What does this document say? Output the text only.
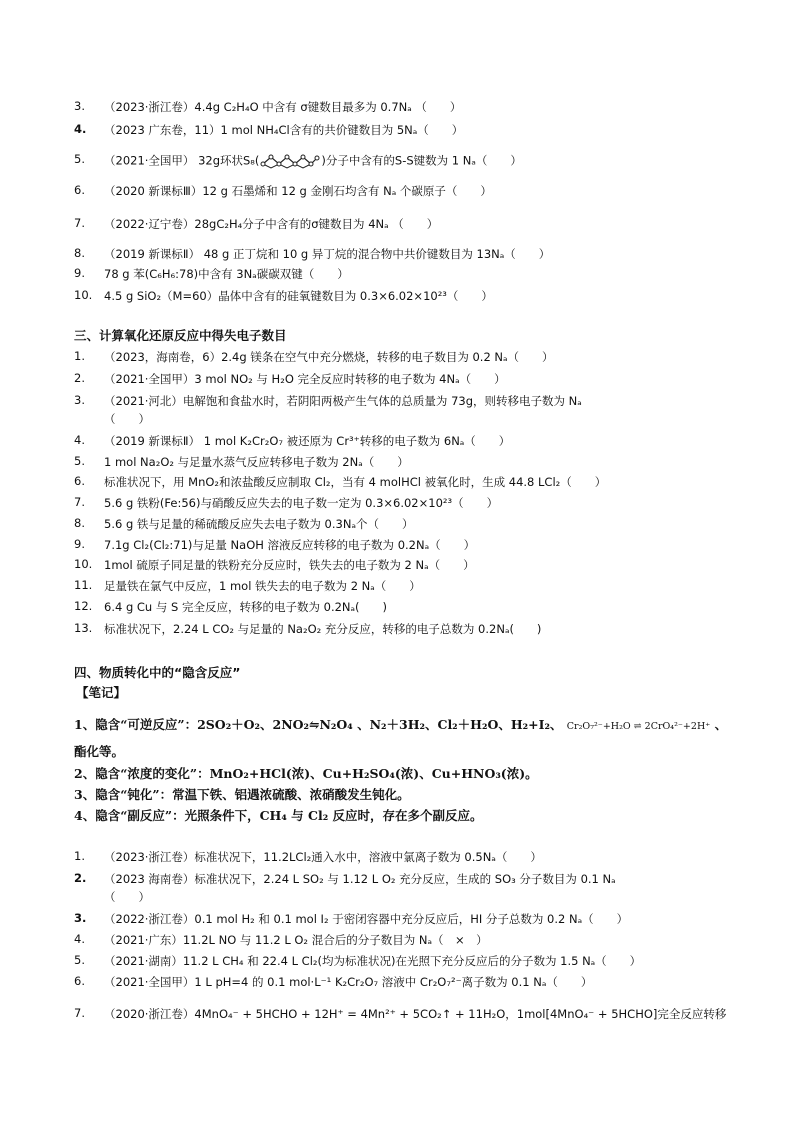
3. （2023·浙江卷）4.4g C₂H₄O 中含有 σ键数目最多为 0.7Nₐ （　　）
4. （2023 广东卷，11）1 mol NH₄Cl含有的共价键数目为 5Nₐ（　　）
5. （2021·全国甲） 32g环状S₈(	)分子中含有的S-S键数为 1 Nₐ（　　）
6. （2020 新课标Ⅲ）12 g 石墨烯和 12 g 金刚石均含有 Nₐ 个碳原子（　　）
7. （2022·辽宁卷）28gC₂H₄分子中含有的σ键数目为 4Nₐ （　　）
8. （2019 新课标Ⅱ） 48 g 正丁烷和 10 g 异丁烷的混合物中共价键数目为 13Nₐ（　　）
9. 78 g 苯(C₆H₆:78)中含有 3Nₐ碳碳双键（　　）
10. 4.5 g SiO₂（M=60）晶体中含有的硅氧键数目为 0.3×6.02×10²³（　　）
三、计算氧化还原反应中得失电子数目
1. （2023，海南卷，6）2.4g 镁条在空气中充分燃烧，转移的电子数目为 0.2 Nₐ（　　）
2. （2021·全国甲）3 mol NO₂ 与 H₂O 完全反应时转移的电子数为 4Nₐ（　　）
3. （2021·河北）电解饱和食盐水时，若阴阳两极产生气体的总质量为 73g，则转移电子数为 Nₐ
（　　）
4. （2019 新课标Ⅱ） 1 mol K₂Cr₂O₇ 被还原为 Cr³⁺转移的电子数为 6Nₐ（　　）
5. 1 mol Na₂O₂ 与足量水蒸气反应转移电子数为 2Nₐ（　　）
6. 标准状况下，用 MnO₂和浓盐酸反应制取 Cl₂，当有 4 molHCl 被氧化时，生成 44.8 LCl₂（　　）
7. 5.6 g 铁粉(Fe:56)与硝酸反应失去的电子数一定为 0.3×6.02×10²³（　　）
8. 5.6 g 铁与足量的稀硫酸反应失去电子数为 0.3Nₐ个（　　）
9. 7.1g Cl₂(Cl₂:71)与足量 NaOH 溶液反应转移的电子数为 0.2Nₐ（　　）
10. 1mol 硫原子同足量的铁粉充分反应时，铁失去的电子数为 2 Nₐ（　　）
11. 足量铁在氯气中反应，1 mol 铁失去的电子数为 2 Nₐ（　　）
12. 6.4 g Cu 与 S 完全反应，转移的电子数为 0.2Nₐ(　　)
13. 标准状况下，2.24 L CO₂ 与足量的 Na₂O₂ 充分反应，转移的电子总数为 0.2Nₐ(　　)
四、物质转化中的“隐含反应”
【笔记】
1、隐含“可逆反应”：2SO₂＋O₂、2NO₂⇋N₂O₄ 、N₂＋3H₂、Cl₂＋H₂O、H₂+I₂、 Cr₂O₇²⁻+H₂O ⇌ 2CrO₄²⁻+2H⁺ 、
酯化等。
2、隐含“浓度的变化”：MnO₂+HCl(浓)、Cu+H₂SO₄(浓)、Cu+HNO₃(浓)。
3、隐含“钝化”：常温下铁、铝遇浓硫酸、浓硝酸发生钝化。
4、隐含“副反应”：光照条件下，CH₄ 与 Cl₂ 反应时，存在多个副反应。
1. （2023·浙江卷）标准状况下，11.2LCl₂通入水中，溶液中氯离子数为 0.5Nₐ（　　）
2. （2023 海南卷）标准状况下，2.24 L SO₂ 与 1.12 L O₂ 充分反应，生成的 SO₃ 分子数目为 0.1 Nₐ
（　　）
3. （2022·浙江卷）0.1 mol H₂ 和 0.1 mol I₂ 于密闭容器中充分反应后，HI 分子总数为 0.2 Nₐ（　　）
4. （2021·广东）11.2L NO 与 11.2 L O₂ 混合后的分子数目为 Nₐ（　×　）
5. （2021·湖南）11.2 L CH₄ 和 22.4 L Cl₂(均为标准状况)在光照下充分反应后的分子数为 1.5 Nₐ（　　）
6. （2021·全国甲）1 L pH=4 的 0.1 mol·L⁻¹ K₂Cr₂O₇ 溶液中 Cr₂O₇²⁻离子数为 0.1 Nₐ（　　）
7. （2020·浙江卷）4MnO₄⁻ + 5HCHO + 12H⁺ = 4Mn²⁺ + 5CO₂↑ + 11H₂O，1mol[4MnO₄⁻ + 5HCHO]完全反应转移
